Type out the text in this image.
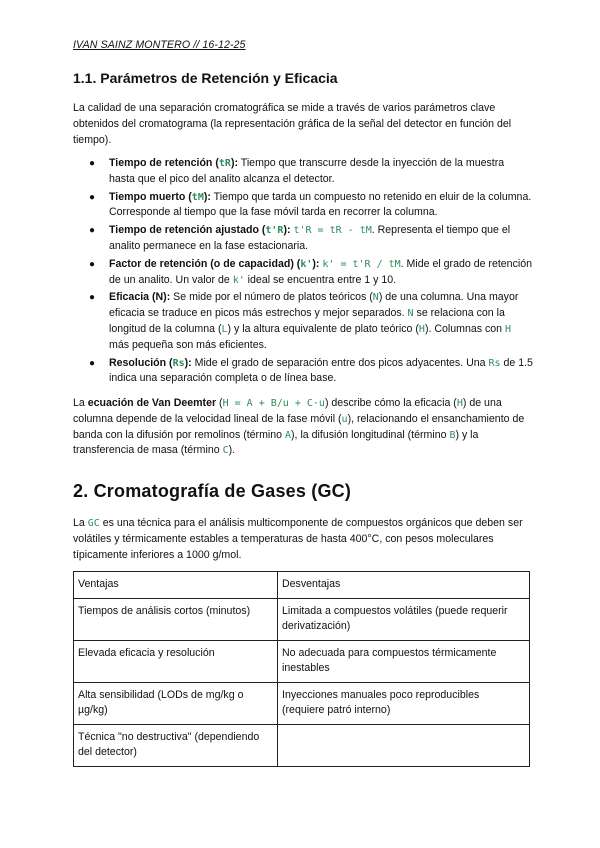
IVAN SAINZ MONTERO // 16-12-25
1.1. Parámetros de Retención y Eficacia

La calidad de una separación cromatográfica se mide a través de varios parámetros clave obtenidos del cromatograma (la representación gráfica de la señal del detector en función del tiempo).

● Tiempo de retención (tR): Tiempo que transcurre desde la inyección de la muestra hasta que el pico del analito alcanza el detector.
● Tiempo muerto (tM): Tiempo que tarda un compuesto no retenido en eluir de la columna. Corresponde al tiempo que la fase móvil tarda en recorrer la columna.
● Tiempo de retención ajustado (t'R): t'R = tR - tM. Representa el tiempo que el analito permanece en la fase estacionaria.
● Factor de retención (o de capacidad) (k'): k' = t'R / tM. Mide el grado de retención de un analito. Un valor de k' ideal se encuentra entre 1 y 10.
● Eficacia (N): Se mide por el número de platos teóricos (N) de una columna. Una mayor eficacia se traduce en picos más estrechos y mejor separados. N se relaciona con la longitud de la columna (L) y la altura equivalente de plato teórico (H). Columnas con H más pequeña son más eficientes.
● Resolución (Rs): Mide el grado de separación entre dos picos adyacentes. Una Rs de 1.5 indica una separación completa o de línea base.

La ecuación de Van Deemter (H = A + B/u + C·u) describe cómo la eficacia (H) de una columna depende de la velocidad lineal de la fase móvil (u), relacionando el ensanchamiento de banda con la difusión por remolinos (término A), la difusión longitudinal (término B) y la transferencia de masa (término C).

2. Cromatografía de Gases (GC)

La GC es una técnica para el análisis multicomponente de compuestos orgánicos que deben ser volátiles y térmicamente estables a temperaturas de hasta 400°C, con pesos moleculares típicamente inferiores a 1000 g/mol.

Ventajas	Desventajas
Tiempos de análisis cortos (minutos)	Limitada a compuestos volátiles (puede requerir derivatización)
Elevada eficacia y resolución	No adecuada para compuestos térmicamente inestables
Alta sensibilidad (LODs de mg/kg o µg/kg)	Inyecciones manuales poco reproducibles (requiere patró interno)
Técnica "no destructiva" (dependiendo del detector)	
